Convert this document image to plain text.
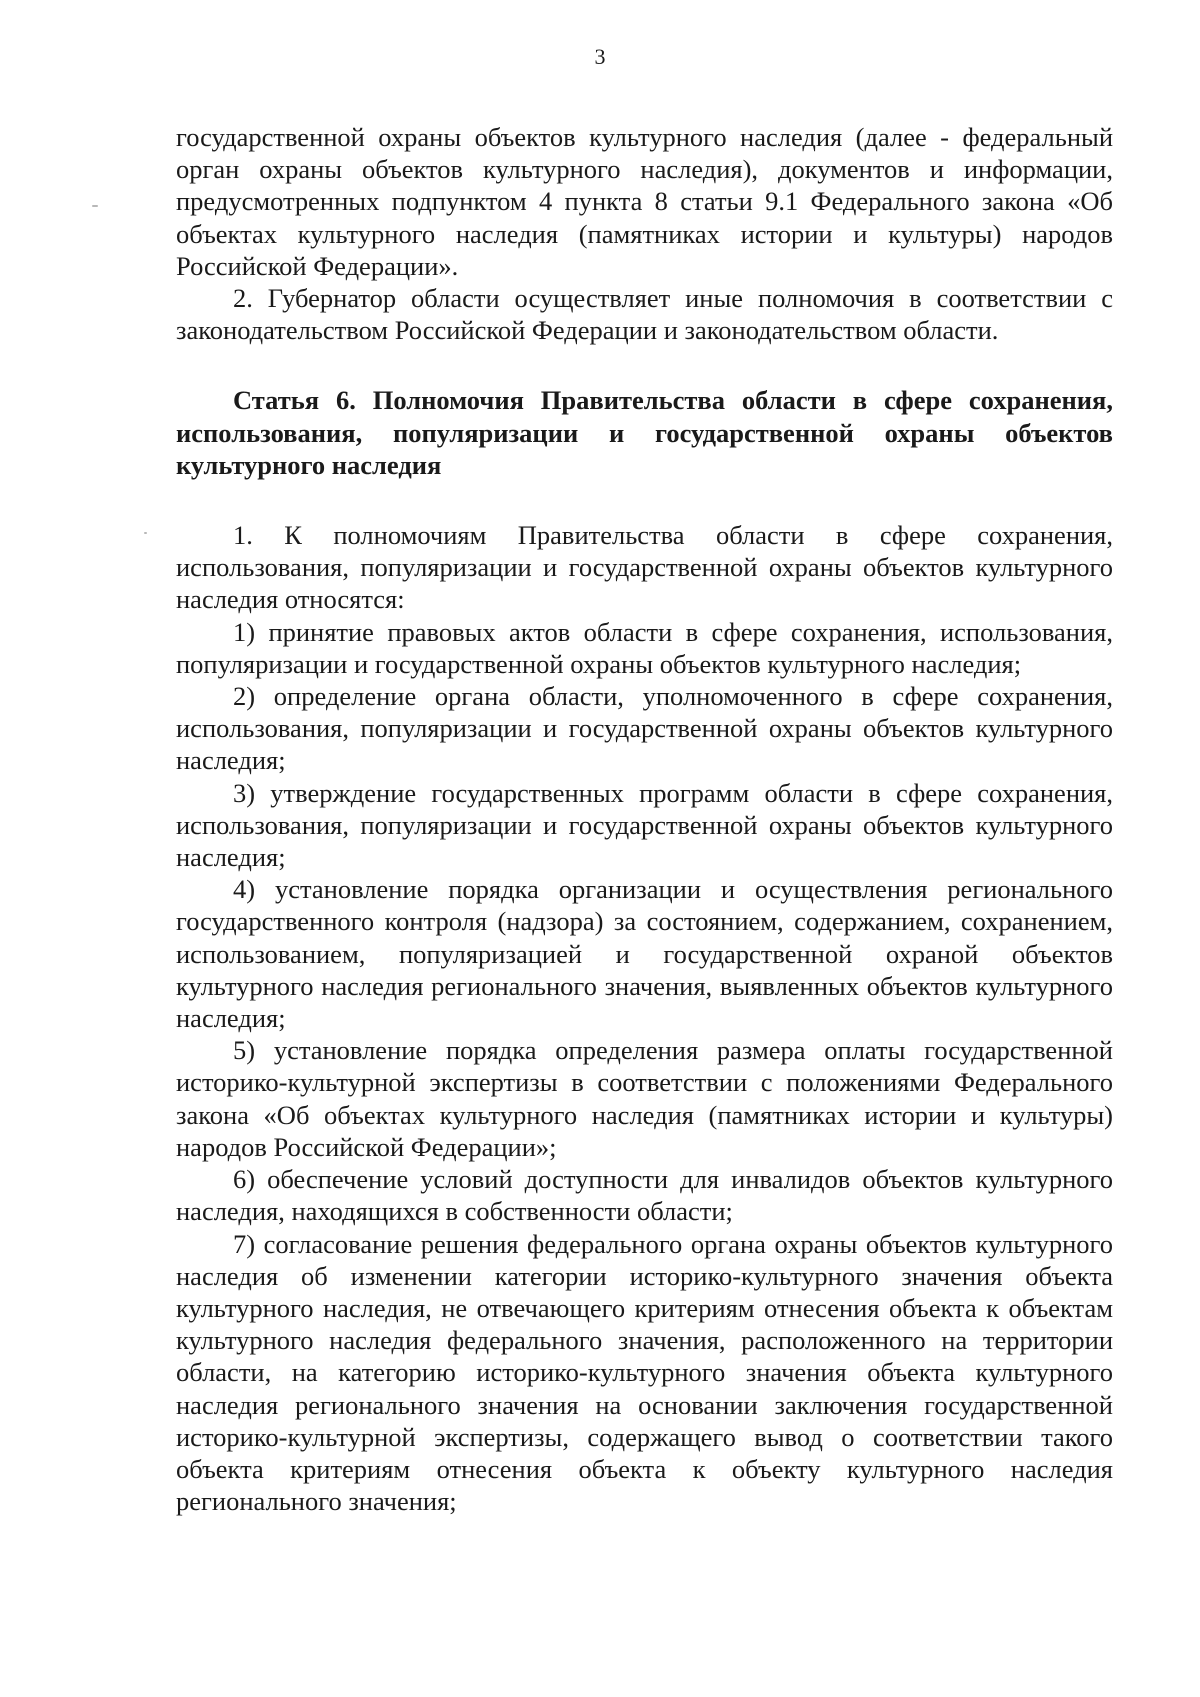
3

государственной охраны объектов культурного наследия (далее - федеральный орган охраны объектов культурного наследия), документов и информации, предусмотренных подпунктом 4 пункта 8 статьи 9.1 Федерального закона «Об объектах культурного наследия (памятниках истории и культуры) народов Российской Федерации».

2. Губернатор области осуществляет иные полномочия в соответствии с законодательством Российской Федерации и законодательством области.

Статья 6. Полномочия Правительства области в сфере сохранения, использования, популяризации и государственной охраны объектов культурного наследия

1. К полномочиям Правительства области в сфере сохранения, использования, популяризации и государственной охраны объектов культурного наследия относятся:

1) принятие правовых актов области в сфере сохранения, использования, популяризации и государственной охраны объектов культурного наследия;

2) определение органа области, уполномоченного в сфере сохранения, использования, популяризации и государственной охраны объектов культурного наследия;

3) утверждение государственных программ области в сфере сохранения, использования, популяризации и государственной охраны объектов культурного наследия;

4) установление порядка организации и осуществления регионального государственного контроля (надзора) за состоянием, содержанием, сохранением, использованием, популяризацией и государственной охраной объектов культурного наследия регионального значения, выявленных объектов культурного наследия;

5) установление порядка определения размера оплаты государственной историко-культурной экспертизы в соответствии с положениями Федерального закона «Об объектах культурного наследия (памятниках истории и культуры) народов Российской Федерации»;

6) обеспечение условий доступности для инвалидов объектов культурного наследия, находящихся в собственности области;

7) согласование решения федерального органа охраны объектов культурного наследия об изменении категории историко-культурного значения объекта культурного наследия, не отвечающего критериям отнесения объекта к объектам культурного наследия федерального значения, расположенного на территории области, на категорию историко-культурного значения объекта культурного наследия регионального значения на основании заключения государственной историко-культурной экспертизы, содержащего вывод о соответствии такого объекта критериям отнесения объекта к объекту культурного наследия регионального значения;
